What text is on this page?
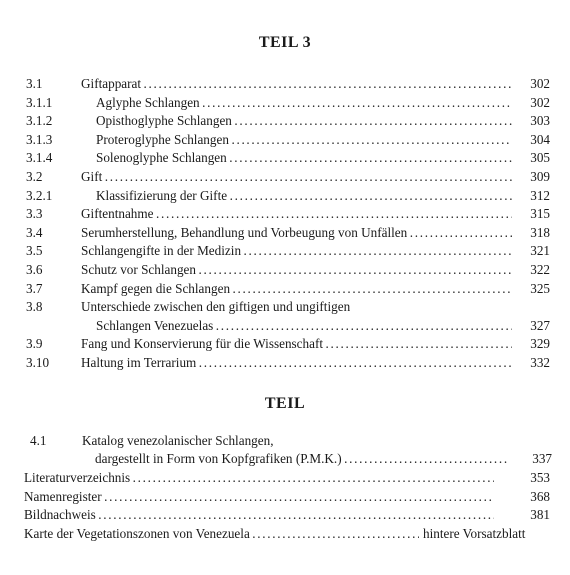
TEIL 3
3.1	Giftapparat . . .	302
3.1.1	Aglyphe Schlangen . . .	302
3.1.2	Opisthoglyphe Schlangen . . .	303
3.1.3	Proteroglyphe Schlangen . . .	304
3.1.4	Solenoglyphe Schlangen . . .	305
3.2	Gift . . .	309
3.2.1	Klassifizierung der Gifte . . .	312
3.3	Giftentnahme . . .	315
3.4	Serumherstellung, Behandlung und Vorbeugung von Unfällen . . .	318
3.5	Schlangengifte in der Medizin . . .	321
3.6	Schutz vor Schlangen . . .	322
3.7	Kampf gegen die Schlangen . . .	325
3.8	Unterschiede zwischen den giftigen und ungiftigen
Schlangen Venezuelas . . .	327
3.9	Fang und Konservierung für die Wissenschaft . . .	329
3.10 Haltung im Terrarium . . .	332
TEIL
4.1	Katalog venezolanischer Schlangen,
dargestellt in Form von Kopfgrafiken (P.M.K.) . . .	337
Literaturverzeichnis . . .	353
Namenregister . . .	368
Bildnachweis . . .	381
Karte der Vegetationszonen von Venezuela . . .	hintere Vorsatzblatt
